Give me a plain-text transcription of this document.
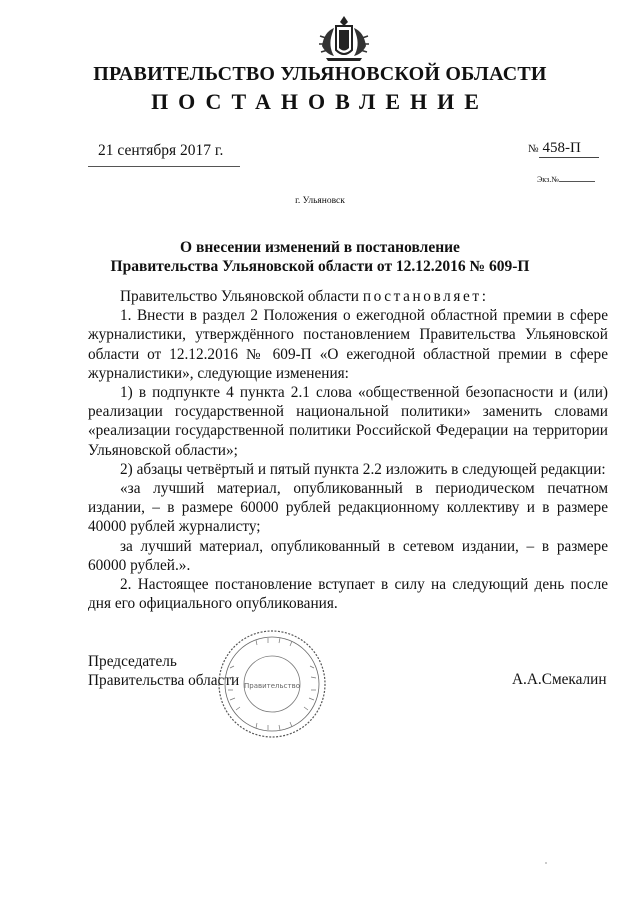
ПРАВИТЕЛЬСТВО УЛЬЯНОВСКОЙ ОБЛАСТИ
ПОСТАНОВЛЕНИЕ
21 сентября 2017 г.	№ 458-П
Экз.№
г. Ульяновск
О внесении изменений в постановление
Правительства Ульяновской области от 12.12.2016 № 609-П

Правительство Ульяновской области постановляет:

1. Внести в раздел 2 Положения о ежегодной областной премии в сфере журналистики, утверждённого постановлением Правительства Ульяновской области от 12.12.2016 № 609-П «О ежегодной областной премии в сфере журналистики», следующие изменения:

1) в подпункте 4 пункта 2.1 слова «общественной безопасности и (или) реализации государственной национальной политики» заменить словами «реализации государственной политики Российской Федерации на территории Ульяновской области»;

2) абзацы четвёртый и пятый пункта 2.2 изложить в следующей редакции:

«за лучший материал, опубликованный в периодическом печатном издании, – в размере 60000 рублей редакционному коллективу и в размере 40000 рублей журналисту;

за лучший материал, опубликованный в сетевом издании, – в размере 60000 рублей.».

2. Настоящее постановление вступает в силу на следующий день после дня его официального опубликования.

Председатель
Правительства области	А.А.Смекалин
Правительство
